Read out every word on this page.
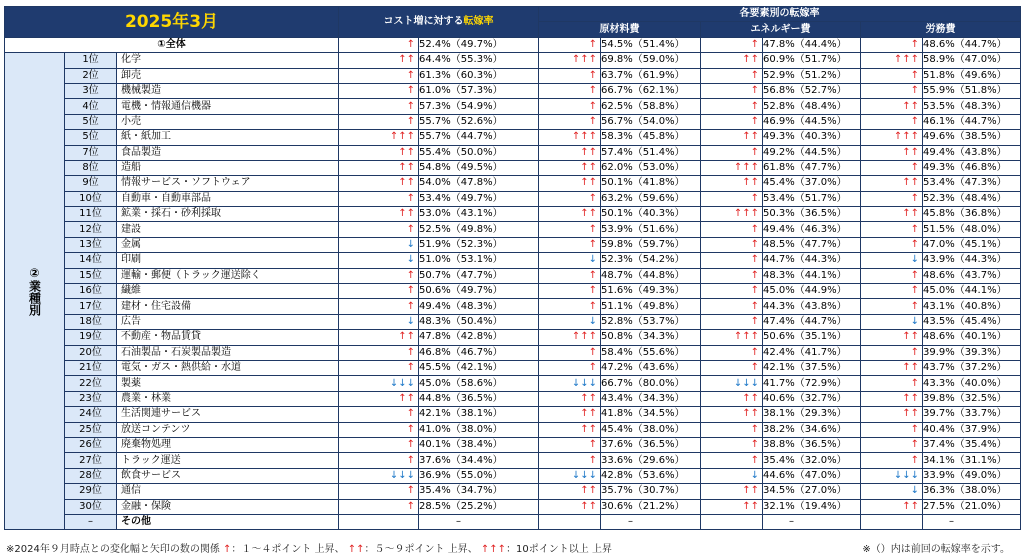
2025年3月			コスト増に対する転嫁率		各要素別の転嫁率					
					原材料費		エネルギー費		労務費	
①全体			↑	52.4%（49.7%）	↑	54.5%（51.4%）	↑	47.8%（44.4%）	↑	48.6%（44.7%）
②業種別	1位	化学	↑↑	64.4%（55.3%）	↑↑↑	69.8%（59.0%）	↑↑	60.9%（51.7%）	↑↑↑	58.9%（47.0%）
	2位	卸売	↑	61.3%（60.3%）	↑	63.7%（61.9%）	↑	52.9%（51.2%）	↑	51.8%（49.6%）
	3位	機械製造	↑	61.0%（57.3%）	↑	66.7%（62.1%）	↑	56.8%（52.7%）	↑	55.9%（51.8%）
	4位	電機・情報通信機器	↑	57.3%（54.9%）	↑	62.5%（58.8%）	↑	52.8%（48.4%）	↑↑	53.5%（48.3%）
	5位	小売	↑	55.7%（52.6%）	↑	56.7%（54.0%）	↑	46.9%（44.5%）	↑	46.1%（44.7%）
	5位	紙・紙加工	↑↑↑	55.7%（44.7%）	↑↑↑	58.3%（45.8%）	↑↑	49.3%（40.3%）	↑↑↑	49.6%（38.5%）
	7位	食品製造	↑↑	55.4%（50.0%）	↑↑	57.4%（51.4%）	↑	49.2%（44.5%）	↑↑	49.4%（43.8%）
	8位	造船	↑↑	54.8%（49.5%）	↑↑	62.0%（53.0%）	↑↑↑	61.8%（47.7%）	↑	49.3%（46.8%）
	9位	情報サービス・ソフトウェア	↑↑	54.0%（47.8%）	↑↑	50.1%（41.8%）	↑↑	45.4%（37.0%）	↑↑	53.4%（47.3%）
	10位	自動車・自動車部品	↑	53.4%（49.7%）	↑	63.2%（59.6%）	↑	53.4%（51.7%）	↑	52.3%（48.4%）
	11位	鉱業・採石・砂利採取	↑↑	53.0%（43.1%）	↑↑	50.1%（40.3%）	↑↑↑	50.3%（36.5%）	↑↑	45.8%（36.8%）
	12位	建設	↑	52.5%（49.8%）	↑	53.9%（51.6%）	↑	49.4%（46.3%）	↑	51.5%（48.0%）
	13位	金属	↓	51.9%（52.3%）	↑	59.8%（59.7%）	↑	48.5%（47.7%）	↑	47.0%（45.1%）
	14位	印刷	↓	51.0%（53.1%）	↓	52.3%（54.2%）	↑	44.7%（44.3%）	↓	43.9%（44.3%）
	15位	運輸・郵便（トラック運送除く	↑	50.7%（47.7%）	↑	48.7%（44.8%）	↑	48.3%（44.1%）	↑	48.6%（43.7%）
	16位	繊維	↑	50.6%（49.7%）	↑	51.6%（49.3%）	↑	45.0%（44.9%）	↑	45.0%（44.1%）
	17位	建材・住宅設備	↑	49.4%（48.3%）	↑	51.1%（49.8%）	↑	44.3%（43.8%）	↑	43.1%（40.8%）
	18位	広告	↓	48.3%（50.4%）	↓	52.8%（53.7%）	↑	47.4%（44.7%）	↓	43.5%（45.4%）
	19位	不動産・物品賃貸	↑↑	47.8%（42.8%）	↑↑↑	50.8%（34.3%）	↑↑↑	50.6%（35.1%）	↑↑	48.6%（40.1%）
	20位	石油製品・石炭製品製造	↑	46.8%（46.7%）	↑	58.4%（55.6%）	↑	42.4%（41.7%）	↑	39.9%（39.3%）
	21位	電気・ガス・熱供給・水道	↑	45.5%（42.1%）	↑	47.2%（43.6%）	↑	42.1%（37.5%）	↑↑	43.7%（37.2%）
	22位	製薬	↓↓↓	45.0%（58.6%）	↓↓↓	66.7%（80.0%）	↓↓↓	41.7%（72.9%）	↑	43.3%（40.0%）
	23位	農業・林業	↑↑	44.8%（36.5%）	↑↑	43.4%（34.3%）	↑↑	40.6%（32.7%）	↑↑	39.8%（32.5%）
	24位	生活関連サービス	↑	42.1%（38.1%）	↑↑	41.8%（34.5%）	↑↑	38.1%（29.3%）	↑↑	39.7%（33.7%）
	25位	放送コンテンツ	↑	41.0%（38.0%）	↑↑	45.4%（38.0%）	↑	38.2%（34.6%）	↑	40.4%（37.9%）
	26位	廃棄物処理	↑	40.1%（38.4%）	↑	37.6%（36.5%）	↑	38.8%（36.5%）	↑	37.4%（35.4%）
	27位	トラック運送	↑	37.6%（34.4%）	↑	33.6%（29.6%）	↑	35.4%（32.0%）	↑	34.1%（31.1%）
	28位	飲食サービス	↓↓↓	36.9%（55.0%）	↓↓↓	42.8%（53.6%）	↓	44.6%（47.0%）	↓↓↓	33.9%（49.0%）
	29位	通信	↑	35.4%（34.7%）	↑↑	35.7%（30.7%）	↑↑	34.5%（27.0%）	↓	36.3%（38.0%）
	30位	金融・保険	↑	28.5%（25.2%）	↑↑	30.6%（21.2%）	↑↑	32.1%（19.4%）	↑↑	27.5%（21.0%）
	–	その他		–		–		–		–
※2024年９月時点との変化幅と矢印の数の関係 ↑：１～４ポイント 上昇、 ↑↑：５～９ポイント 上昇、 ↑↑↑：10ポイント以上 上昇	※（）内は前回の転嫁率を示す。
